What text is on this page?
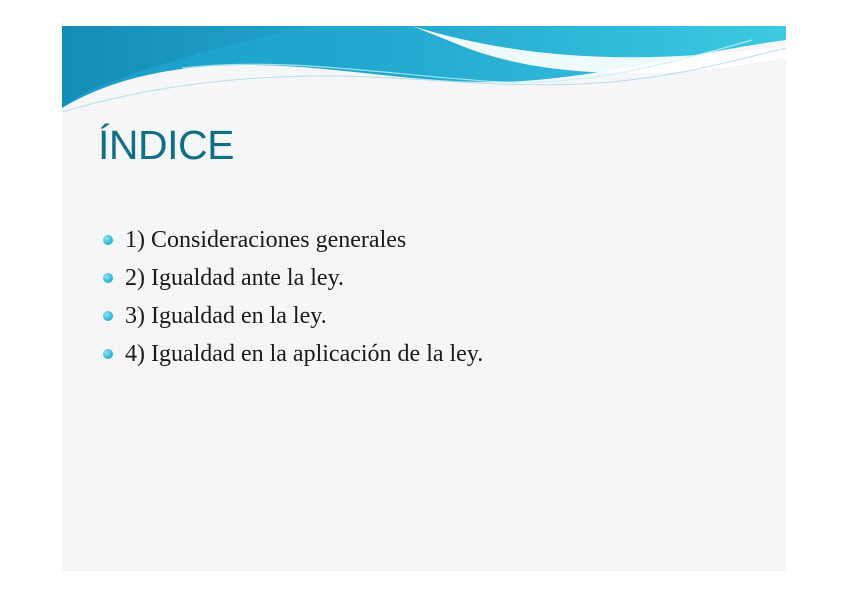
ÍNDICE
1) Consideraciones generales
2) Igualdad ante la ley.
3) Igualdad en la ley.
4) Igualdad en la aplicación de la ley.
